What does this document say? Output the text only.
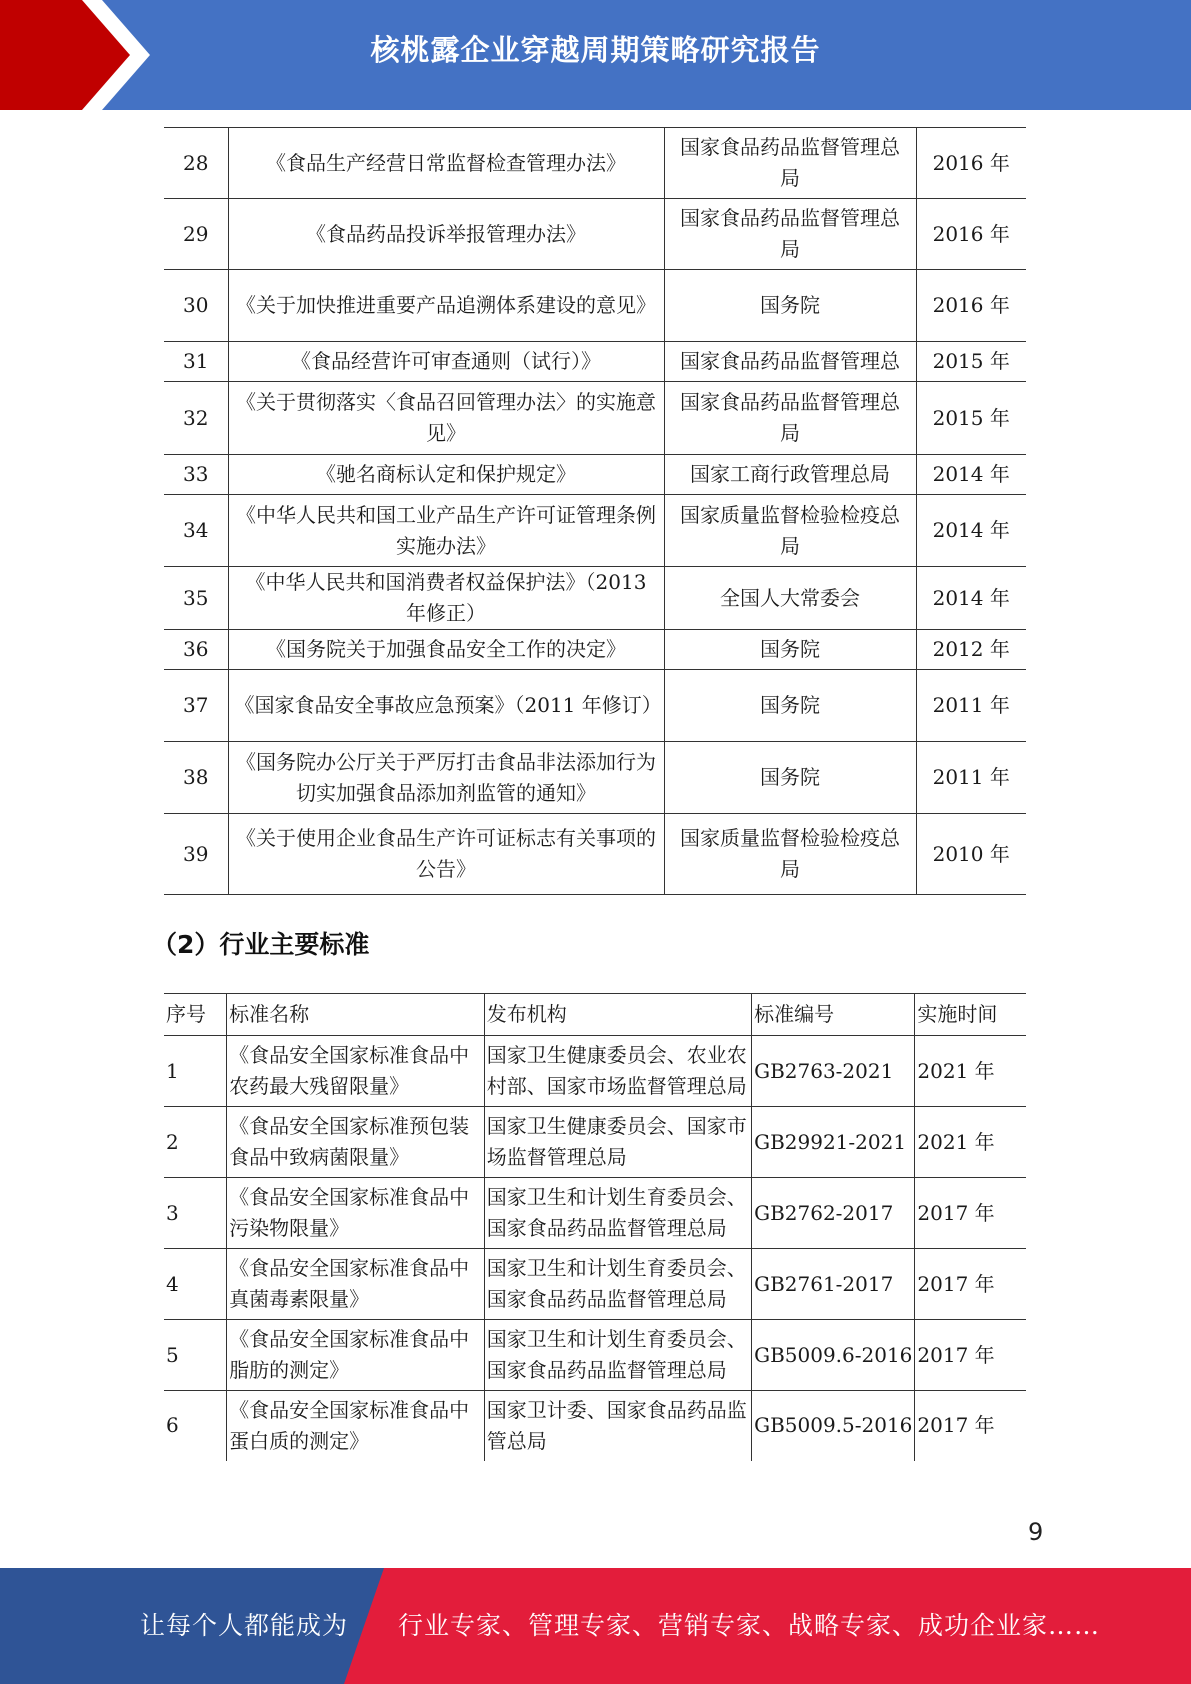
核桃露企业穿越周期策略研究报告
28	《食品生产经营日常监督检查管理办法》	国家食品药品监督管理总局	2016 年
29	《食品药品投诉举报管理办法》	国家食品药品监督管理总局	2016 年
30	《关于加快推进重要产品追溯体系建设的意见》	国务院	2016 年
31	《食品经营许可审查通则（试行）》	国家食品药品监督管理总	2015 年
32	《关于贯彻落实〈食品召回管理办法〉的实施意见》	国家食品药品监督管理总局	2015 年
33	《驰名商标认定和保护规定》	国家工商行政管理总局	2014 年
34	《中华人民共和国工业产品生产许可证管理条例实施办法》	国家质量监督检验检疫总局	2014 年
35	《中华人民共和国消费者权益保护法》（2013 年修正）	全国人大常委会	2014 年
36	《国务院关于加强食品安全工作的决定》	国务院	2012 年
37	《国家食品安全事故应急预案》（2011 年修订）	国务院	2011 年
38	《国务院办公厅关于严厉打击食品非法添加行为切实加强食品添加剂监管的通知》	国务院	2011 年
39	《关于使用企业食品生产许可证标志有关事项的公告》	国家质量监督检验检疫总局	2010 年
（2）行业主要标准
序号	标准名称	发布机构	标准编号	实施时间
1	《食品安全国家标准食品中农药最大残留限量》	国家卫生健康委员会、农业农村部、国家市场监督管理总局	GB2763-2021	2021 年
2	《食品安全国家标准预包装食品中致病菌限量》	国家卫生健康委员会、国家市场监督管理总局	GB29921-2021	2021 年
3	《食品安全国家标准食品中污染物限量》	国家卫生和计划生育委员会、国家食品药品监督管理总局	GB2762-2017	2017 年
4	《食品安全国家标准食品中真菌毒素限量》	国家卫生和计划生育委员会、国家食品药品监督管理总局	GB2761-2017	2017 年
5	《食品安全国家标准食品中脂肪的测定》	国家卫生和计划生育委员会、国家食品药品监督管理总局	GB5009.6-2016	2017 年
6	《食品安全国家标准食品中蛋白质的测定》	国家卫计委、国家食品药品监管总局	GB5009.5-2016	2017 年
9
让每个人都能成为 行业专家、管理专家、营销专家、战略专家、成功企业家……
